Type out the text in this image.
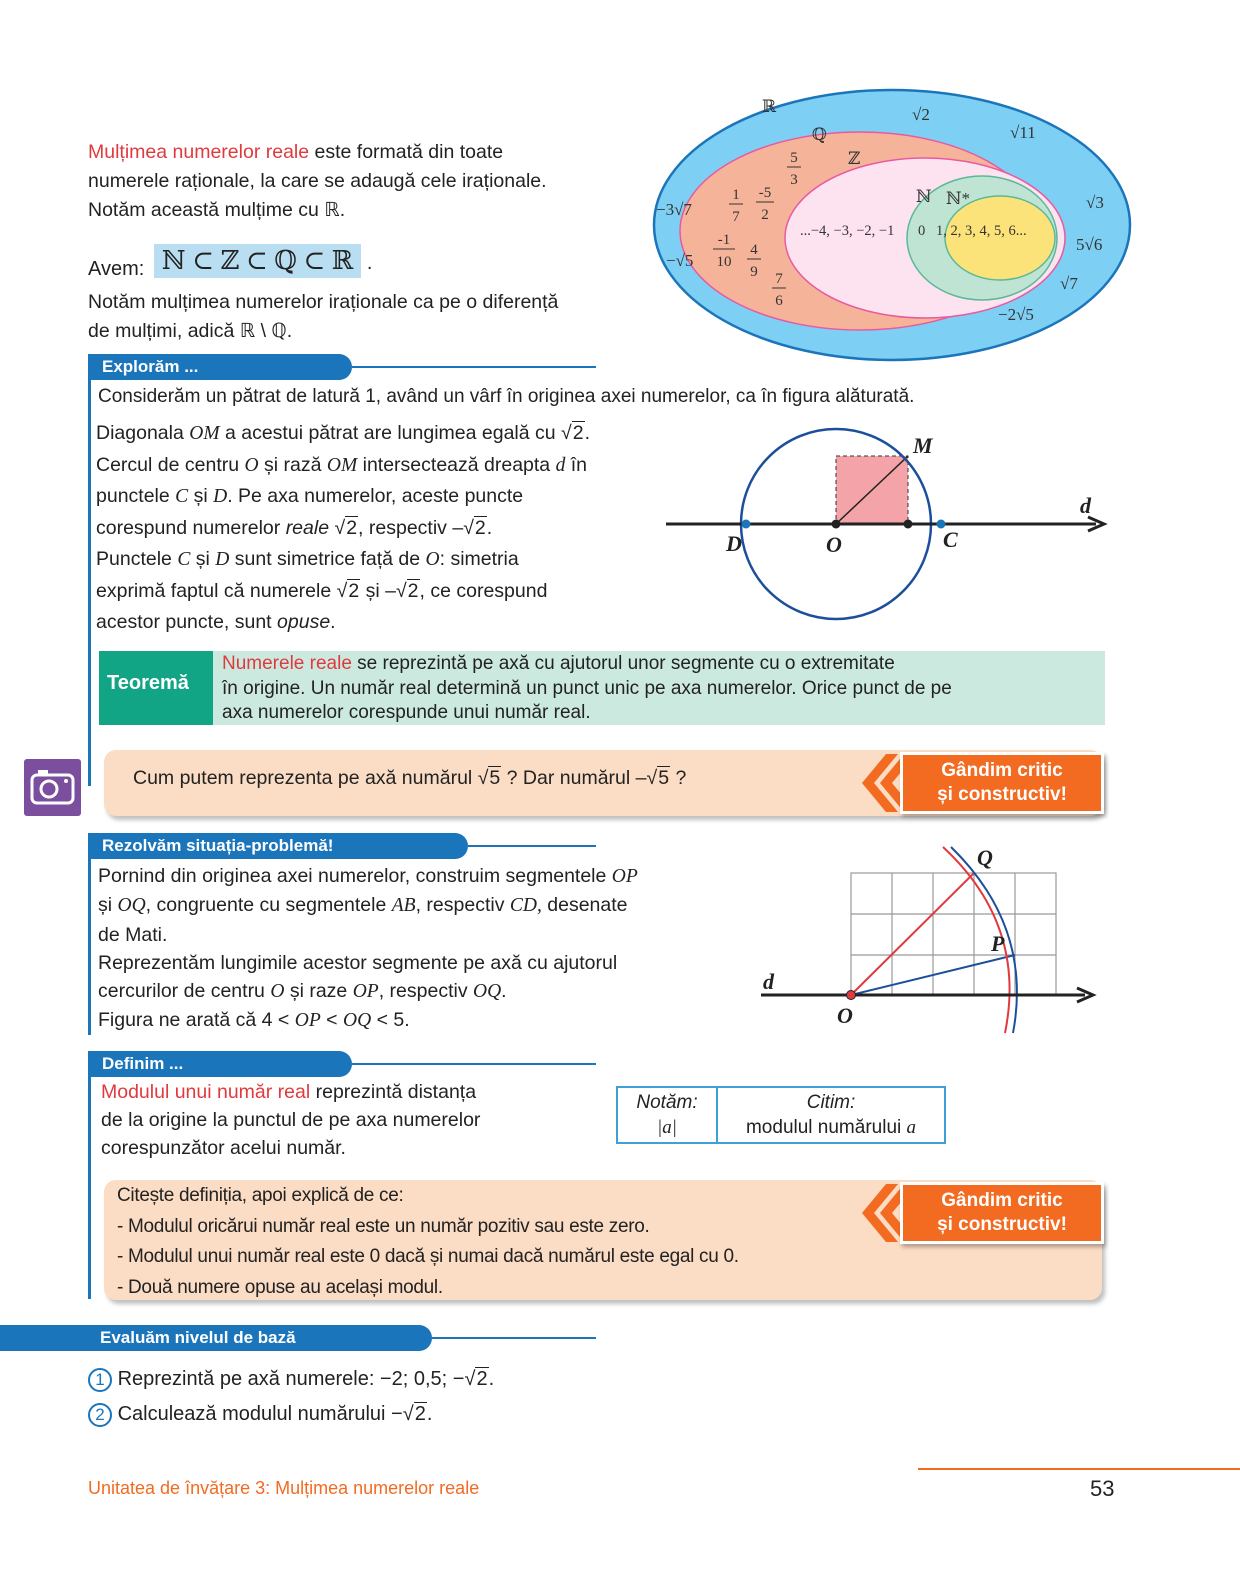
Mulțimea numerelor reale este formată din toate
numerele raționale, la care se adaugă cele iraționale.
Notăm această mulțime cu ℝ.
Avem: ℕ ⊂ ℤ ⊂ ℚ ⊂ ℝ .
Notăm mulțimea numerelor iraționale ca pe o diferență
de mulțimi, adică ℝ \ ℚ.
ℝ
ℚ
ℤ
ℕ ℕ*
√2
√11
−3√7
−√5
√3
5√6
√7
−2√5
5
3
1
7
-5
2
-1
10
4
9 7
6
...−4, −3, −2, −1 0 1, 2, 3, 4, 5, 6...
Explorăm ...
Considerăm un pătrat de latură 1, având un vârf în originea axei numerelor, ca în figura alăturată.
Diagonala OM a acestui pătrat are lungimea egală cu √2.
Cercul de centru O și rază OM intersectează dreapta d în
punctele C și D. Pe axa numerelor, aceste puncte
corespund numerelor reale √2, respectiv –√2.
Punctele C și D sunt simetrice față de O: simetria
exprimă faptul că numerele √2 și –√2, ce corespund
acestor puncte, sunt opuse.
M
d
D	O	C
Teoremă
Numerele reale se reprezintă pe axă cu ajutorul unor segmente cu o extremitate
în origine. Un număr real determină un punct unic pe axa numerelor. Orice punct de pe
axa numerelor corespunde unui număr real.
Cum putem reprezenta pe axă numărul √5 ? Dar numărul –√5 ?	Gândim critic
și constructiv!
Rezolvăm situația-problemă!
Pornind din originea axei numerelor, construim segmentele OP
și OQ, congruente cu segmentele AB, respectiv CD, desenate
de Mati.
Reprezentăm lungimile acestor segmente pe axă cu ajutorul
cercurilor de centru O și raze OP, respectiv OQ.
Figura ne arată că 4 < OP < OQ < 5.
Q
P
d
O
Definim ...
Modulul unui număr real reprezintă distanța
de la origine la punctul de pe axa numerelor
corespunzător acelui număr.
Notăm:
|a|
Citim:
modulul numărului a
Citește definiția, apoi explică de ce:
- Modulul oricărui număr real este un număr pozitiv sau este zero.
- Modulul unui număr real este 0 dacă și numai dacă numărul este egal cu 0.
- Două numere opuse au același modul.
Gândim critic
și constructiv!
Evaluăm nivelul de bază
1 Reprezintă pe axă numerele: −2; 0,5; −√2.
2 Calculează modulul numărului −√2.
Unitatea de învățare 3: Mulțimea numerelor reale	53
